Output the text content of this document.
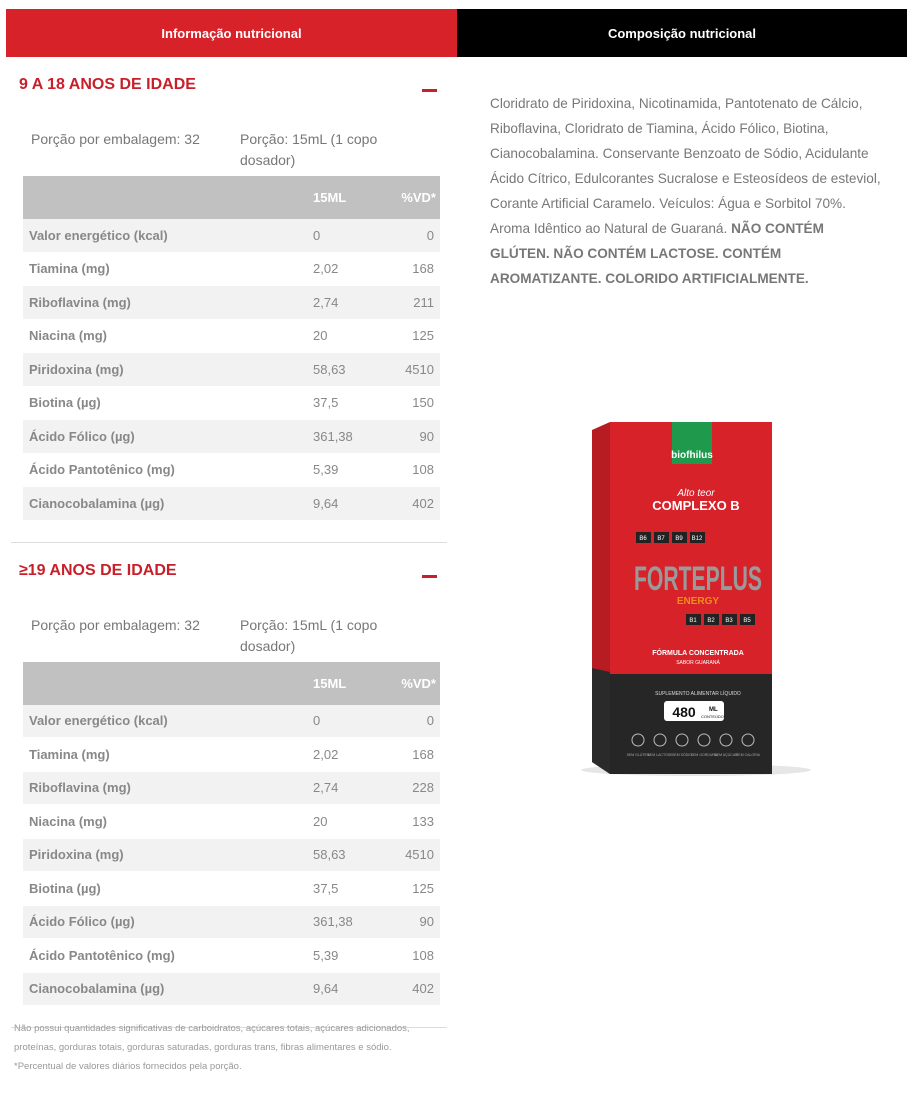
Informação nutricional	Composição nutricional
9 A 18 ANOS DE IDADE
Porção por embalagem: 32	Porção: 15mL (1 copo dosador)
	15ML	%VD*
Valor energético (kcal)	0	0
Tiamina (mg)	2,02	168
Riboflavina (mg)	2,74	211
Niacina (mg)	20	125
Piridoxina (mg)	58,63	4510
Biotina (µg)	37,5	150
Ácido Fólico (µg)	361,38	90
Ácido Pantotênico (mg)	5,39	108
Cianocobalamina (µg)	9,64	402
≥19 ANOS DE IDADE
Porção por embalagem: 32	Porção: 15mL (1 copo dosador)
	15ML	%VD*
Valor energético (kcal)	0	0
Tiamina (mg)	2,02	168
Riboflavina (mg)	2,74	228
Niacina (mg)	20	133
Piridoxina (mg)	58,63	4510
Biotina (µg)	37,5	125
Ácido Fólico (µg)	361,38	90
Ácido Pantotênico (mg)	5,39	108
Cianocobalamina (µg)	9,64	402
Não possui quantidades significativas de carboidratos, açúcares totais, açúcares adicionados, proteínas, gorduras totais, gorduras saturadas, gorduras trans, fibras alimentares e sódio.
*Percentual de valores diários fornecidos pela porção.
Cloridrato de Piridoxina, Nicotinamida, Pantotenato de Cálcio, Riboflavina, Cloridrato de Tiamina, Ácido Fólico, Biotina, Cianocobalamina. Conservante Benzoato de Sódio, Acidulante Ácido Cítrico, Edulcorantes Sucralose e Esteosídeos de esteviol, Corante Artificial Caramelo. Veículos: Água e Sorbitol 70%. Aroma Idêntico ao Natural de Guaraná. NÃO CONTÉM GLÚTEN. NÃO CONTÉM LACTOSE. CONTÉM AROMATIZANTE. COLORIDO ARTIFICIALMENTE.
biofhilus
Alto teor
COMPLEXO B
B6 B7 B9 B12
FORTEPLUS
ENERGY
B1 B2 B3 B5
FÓRMULA CONCENTRADA
SABOR GUARANÁ
SUPLEMENTO ALIMENTAR LÍQUIDO
480 ML
CONTEÚDO
SEM GLÚTEN
SEM LACTOSE SEM SÓDIO
SEM GORDURA
SEM AÇÚCAR
SEM CALORIA
